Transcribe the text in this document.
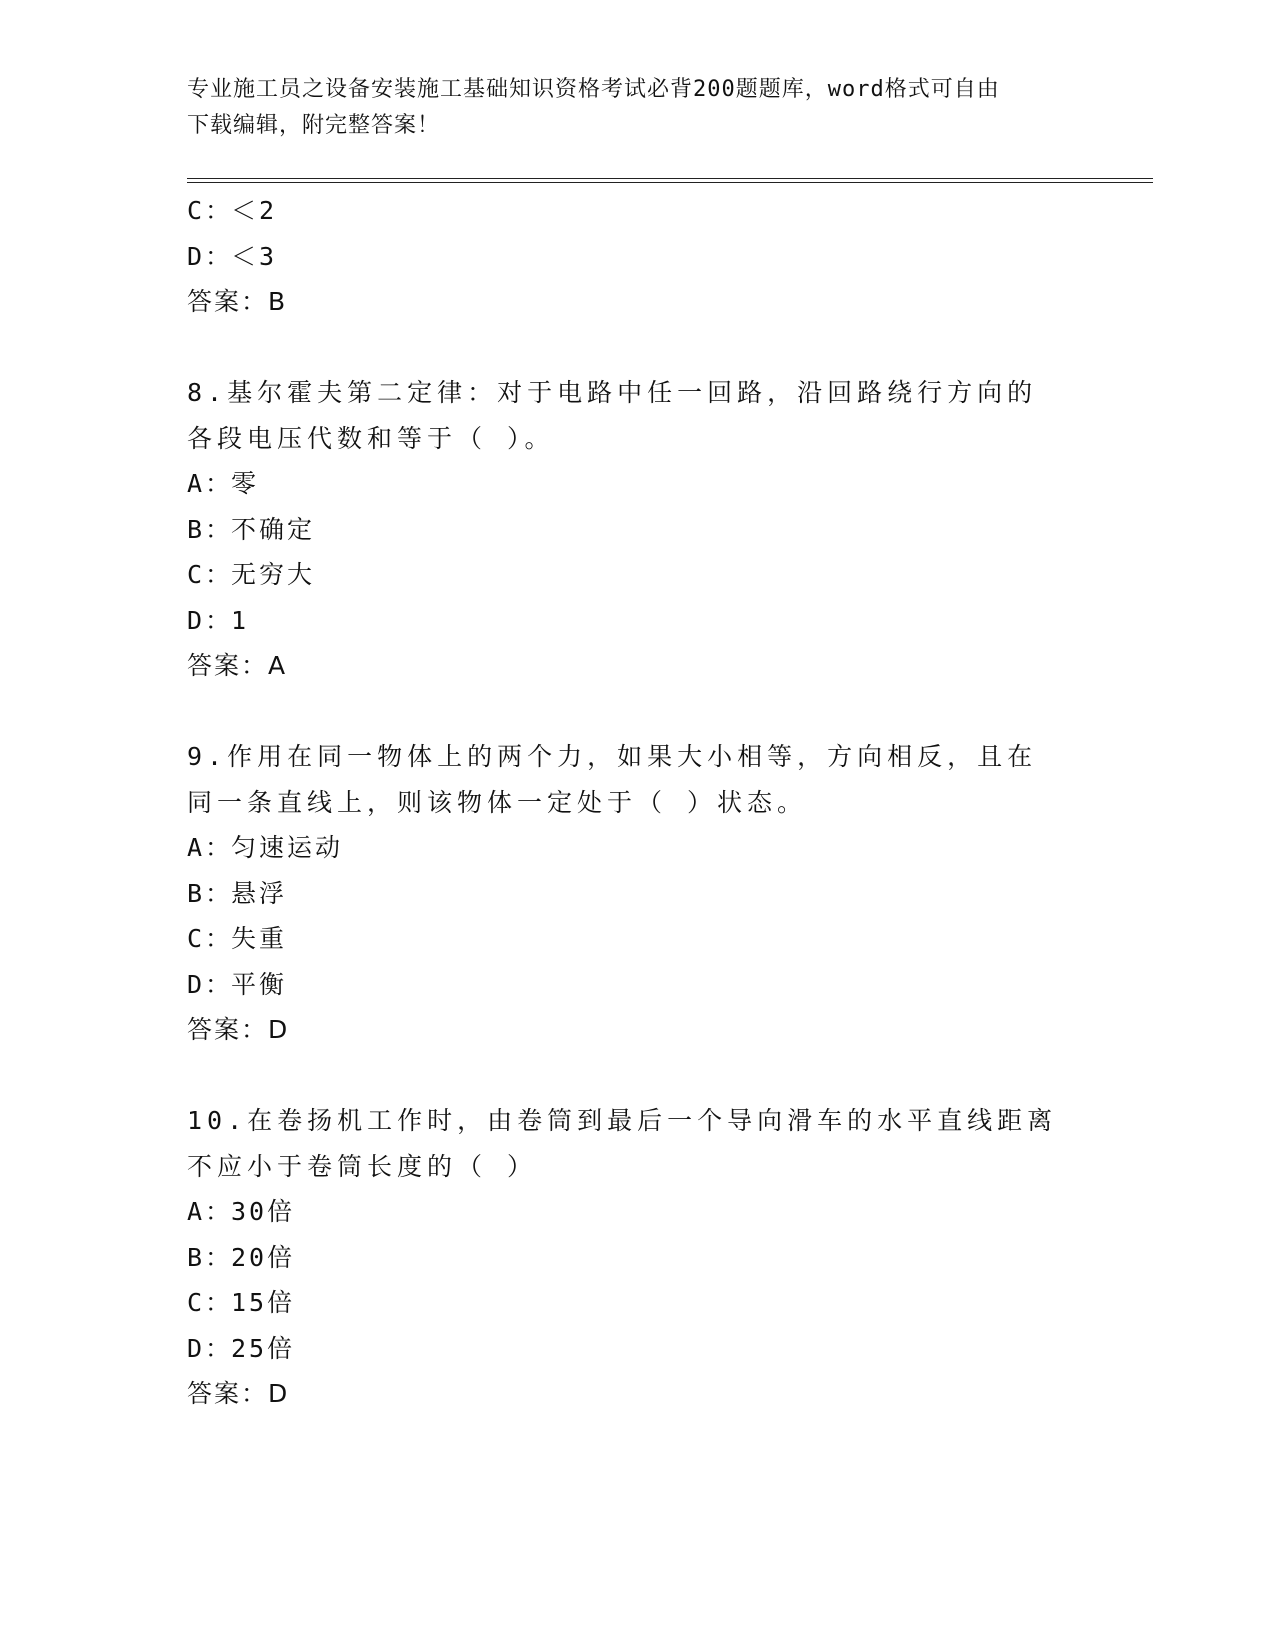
专业施工员之设备安装施工基础知识资格考试必背200题题库，word格式可自由
下载编辑，附完整答案！
C：＜2
D：＜3
答案：B
8.基尔霍夫第二定律：对于电路中任一回路，沿回路绕行方向的各段电压代数和等于（ ）。
A：零
B：不确定
C：无穷大
D：1
答案：A
9.作用在同一物体上的两个力，如果大小相等，方向相反，且在同一条直线上，则该物体一定处于（ ）状态。
A：匀速运动
B：悬浮
C：失重
D：平衡
答案：D
10.在卷扬机工作时，由卷筒到最后一个导向滑车的水平直线距离不应小于卷筒长度的（ ）
A：30倍
B：20倍
C：15倍
D：25倍
答案：D
